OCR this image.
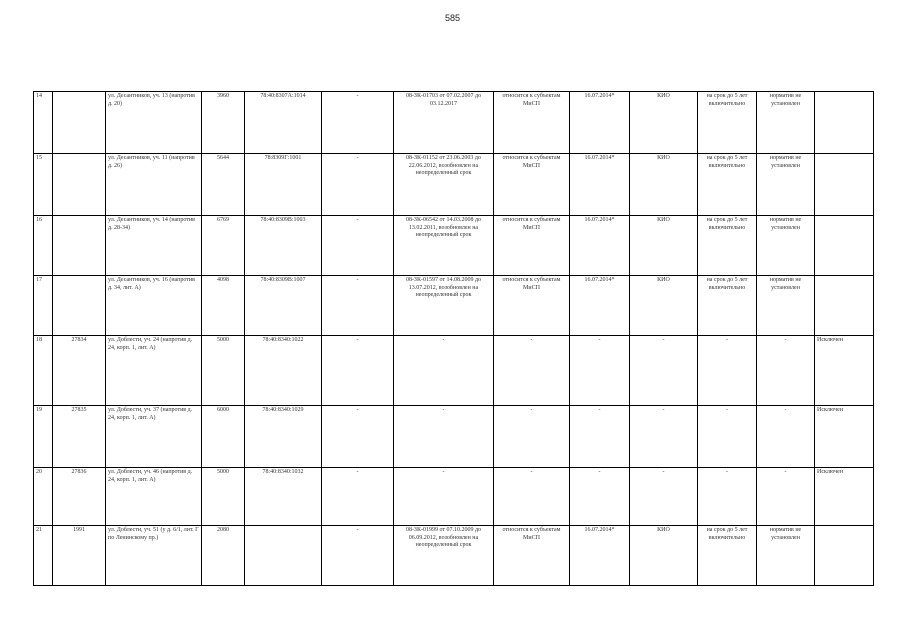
585
14		ул. Десантников, уч. 13 (напротив д. 20)	3960	78:40:8307А:1014	-	08-ЗК-01703 от 07.02.2007 до 03.12.2017	относится к субъектам МиСП	16.07.2014*	КИО	на срок до 5 лет включительно	норматив не установлен	
15		ул. Десантников, уч. 11 (напротив д. 26)	5644	78:8309Г:1001	-	08-ЗК-01152 от 23.06.2003 до 22.06.2012, возобновлен на неопределенный срок	относится к субъектам МиСП	16.07.2014*	КИО	на срок до 5 лет включительно	норматив не установлен	
16		ул. Десантников, уч. 14 (напротив д. 28-34)	6769	78:40:8309В:1003	-	08-ЗК-06542 от 14.03.2008 до 13.02.2011, возобновлен на неопределенный срок	относится к субъектам МиСП	16.07.2014*	КИО	на срок до 5 лет включительно	норматив не установлен	
17		ул. Десантников, уч. 16 (напротив д. 34, лит. А)	4098	78:40:8309В:1007	-	08-ЗК-01597 от 14.08.2009 до 13.07.2012, возобновлен на неопределенный срок	относится к субъектам МиСП	16.07.2014*	КИО	на срок до 5 лет включительно	норматив не установлен	
18	27834	ул. Доблести, уч. 24 (напротив д. 24, корп. 1, лит. А)	5000	78:40:8340:1022	-	-	-	-	-	-	-	Исключен
19	27835	ул. Доблести, уч. 37 (напротив д. 24, корп. 1, лит. А)	6000	78:40:8340:1029	-	-	-	-	-	-	-	Исключен
20	27836	ул. Доблести, уч. 46 (напротив д. 24, корп. 1, лит. А)	5000	78:40:8340:1032	-	-	-	-	-	-	-	Исключен
21	1991	ул. Доблести, уч. 51 (у д. 6/1, лит. Г по Ленинскому пр.)	2080		-	08-ЗК-01999 от 07.10.2009 до 06.09.2012, возобновлен на неопределенный срок	относится к субъектам МиСП	16.07.2014*	КИО	на срок до 5 лет включительно	норматив не установлен	
